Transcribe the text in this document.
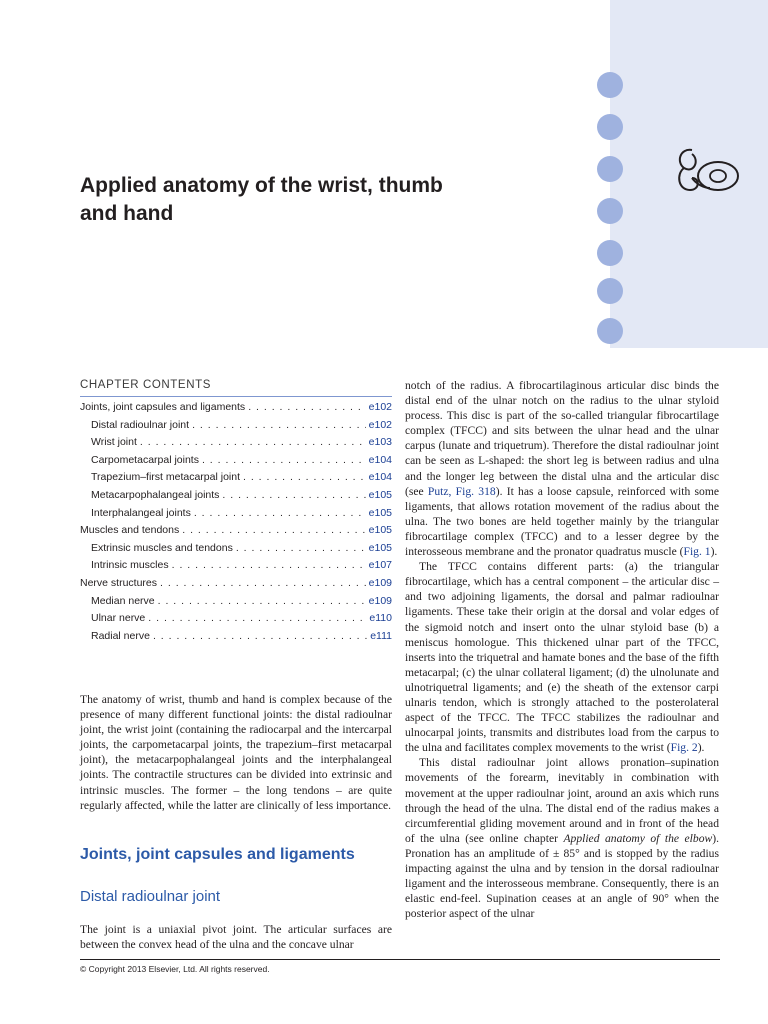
Applied anatomy of the wrist, thumb
and hand
CHAPTER CONTENTS
Joints, joint capsules and ligaments . . .	e102
Distal radioulnar joint . . .	e102
Wrist joint . . .	e103
Carpometacarpal joints . . .	e104
Trapezium–first metacarpal joint . . .	e104
Metacarpophalangeal joints . . .	e105
Interphalangeal joints . . .	e105
Muscles and tendons . . .	e105
Extrinsic muscles and tendons . . .	e105
Intrinsic muscles . . .	e107
Nerve structures . . .	e109
Median nerve . . .	e109
Ulnar nerve . . .	e110
Radial nerve . . .	e111

The anatomy of wrist, thumb and hand is complex because of the presence of many different functional joints: the distal radioulnar joint, the wrist joint (containing the radiocarpal and the intercarpal joints, the carpometacarpal joints, the trapezium–first metacarpal joint), the metacarpophalangeal joints and the interphalangeal joints. The contractile structures can be divided into extrinsic and intrinsic muscles. The former – the long tendons – are quite regularly affected, while the latter are clinically of less importance.

Joints, joint capsules and ligaments
Distal radioulnar joint

The joint is a uniaxial pivot joint. The articular surfaces are between the convex head of the ulna and the concave ulnar

notch of the radius. A fibrocartilaginous articular disc binds the distal end of the ulnar notch on the radius to the ulnar styloid process. This disc is part of the so-called triangular fibrocartilage complex (TFCC) and sits between the ulnar head and the ulnar carpus (lunate and triquetrum). Therefore the distal radioulnar joint can be seen as L-shaped: the short leg is between radius and ulna and the longer leg between the distal ulna and the articular disc (see Putz, Fig. 318). It has a loose capsule, reinforced with some ligaments, that allows rotation movement of the radius about the ulna. The two bones are held together mainly by the triangular fibrocartilage complex (TFCC) and to a lesser degree by the interosseous membrane and the pronator quadratus muscle (Fig. 1).

The TFCC contains different parts: (a) the triangular fibrocartilage, which has a central component – the articular disc – and two adjoining ligaments, the dorsal and palmar radioulnar ligaments. These take their origin at the dorsal and volar edges of the sigmoid notch and insert onto the ulnar styloid base (b) a meniscus homologue. This thickened ulnar part of the TFCC, inserts into the triquetral and hamate bones and the base of the fifth metacarpal; (c) the ulnar collateral ligament; (d) the ulnolunate and ulnotriquetral ligaments; and (e) the sheath of the extensor carpi ulnaris tendon, which is strongly attached to the posterolateral aspect of the TFCC. The TFCC stabilizes the radioulnar and ulnocarpal joints, transmits and distributes load from the carpus to the ulna and facilitates complex movements to the wrist (Fig. 2).

This distal radioulnar joint allows pronation–supination movements of the forearm, inevitably in combination with movement at the upper radioulnar joint, around an axis which runs through the head of the ulna. The distal end of the radius makes a circumferential gliding movement around and in front of the head of the ulna (see online chapter Applied anatomy of the elbow). Pronation has an amplitude of ± 85° and is stopped by the radius impacting against the ulna and by tension in the dorsal radioulnar ligament and the interosseous membrane. Consequently, there is an elastic end-feel. Supination ceases at an angle of 90° when the posterior aspect of the ulnar

© Copyright 2013 Elsevier, Ltd. All rights reserved.
